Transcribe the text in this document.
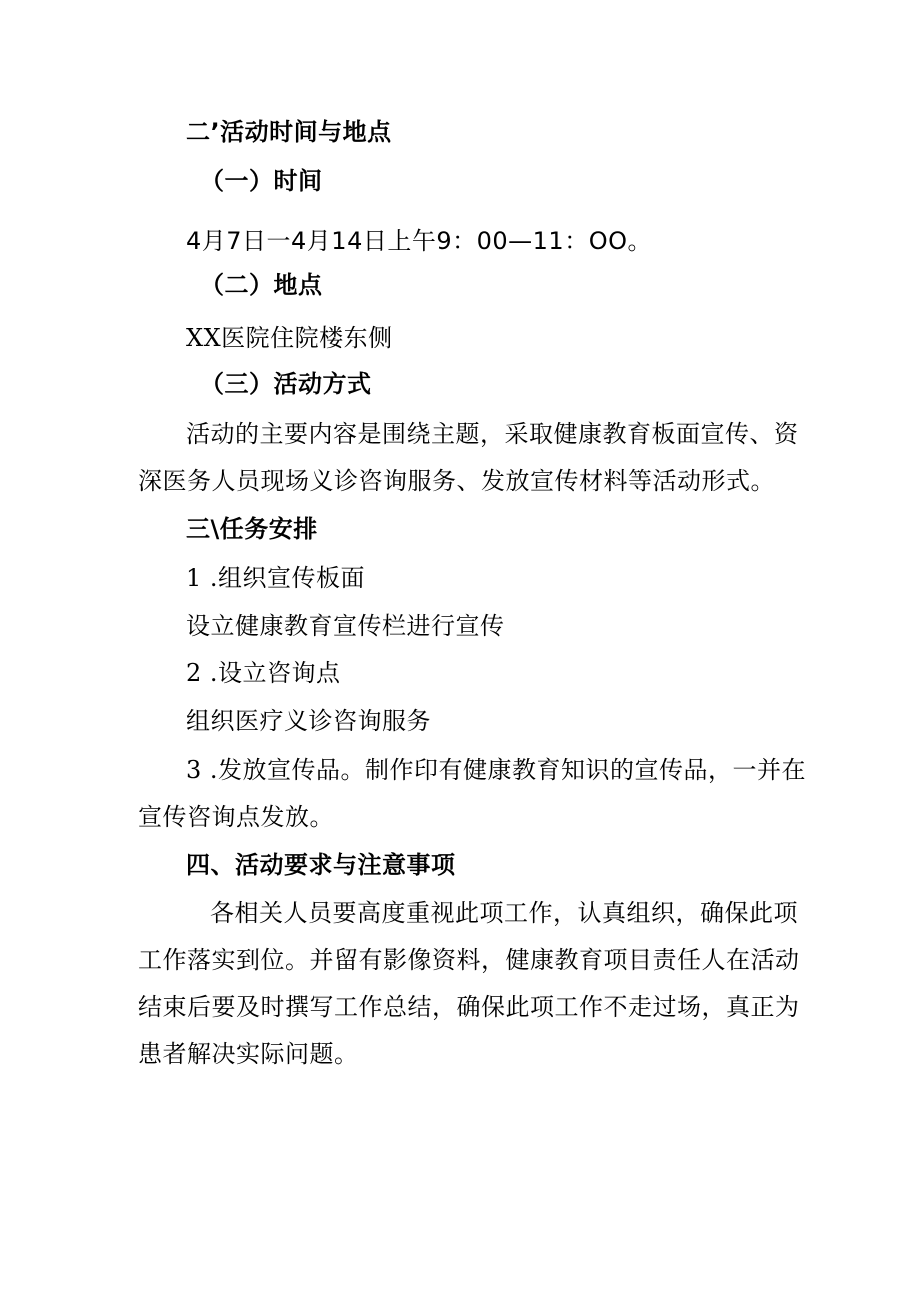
二’活动时间与地点
（一）时间
4月7日一4月14日上午9：00—11：OO。
（二）地点
XX医院住院楼东侧
（三）活动方式
活动的主要内容是围绕主题，采取健康教育板面宣传、资
深医务人员现场义诊咨询服务、发放宣传材料等活动形式。
三\任务安排
1 .组织宣传板面
设立健康教育宣传栏进行宣传
2 .设立咨询点
组织医疗义诊咨询服务
3 .发放宣传品。制作印有健康教育知识的宣传品，一并在
宣传咨询点发放。
四、活动要求与注意事项
各相关人员要高度重视此项工作，认真组织，确保此项
工作落实到位。并留有影像资料，健康教育项目责任人在活动
结束后要及时撰写工作总结，确保此项工作不走过场，真正为
患者解决实际问题。
